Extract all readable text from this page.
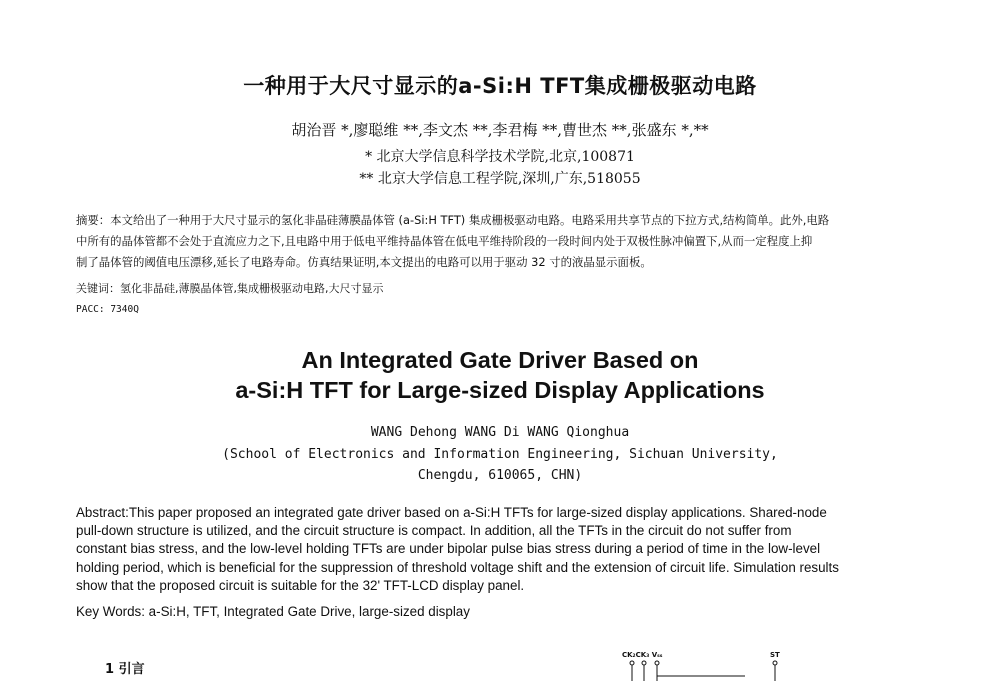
一种用于大尺寸显示的a-Si:H TFT集成栅极驱动电路
胡治晋 *,廖聪维 **,李文杰 **,李君梅 **,曹世杰 **,张盛东 *,**
* 北京大学信息科学技术学院,北京,100871
** 北京大学信息工程学院,深圳,广东,518055
摘要：本文给出了一种用于大尺寸显示的氢化非晶硅薄膜晶体管 (a-Si:H TFT) 集成栅极驱动电路。电路采用共享节点的下拉方式,结构简单。此外,电路
中所有的晶体管都不会处于直流应力之下,且电路中用于低电平维持晶体管在低电平维持阶段的一段时间内处于双极性脉冲偏置下,从而一定程度上抑
制了晶体管的阈值电压漂移,延长了电路寿命。仿真结果证明,本文提出的电路可以用于驱动 32 寸的液晶显示面板。
关键词：氢化非晶硅,薄膜晶体管,集成栅极驱动电路,大尺寸显示
PACC: 7340Q
An Integrated Gate Driver Based on
a-Si:H TFT for Large-sized Display Applications
WANG Dehong WANG Di WANG Qionghua
(School of Electronics and Information Engineering, Sichuan University,
Chengdu, 610065, CHN)
Abstract:This paper proposed an integrated gate driver based on a-Si:H TFTs for large-sized display applications. Shared-node
pull-down structure is utilized, and the circuit structure is compact. In addition, all the TFTs in the circuit do not suffer from
constant bias stress, and the low-level holding TFTs are under bipolar pulse bias stress during a period of time in the low-level
holding period, which is beneficial for the suppression of threshold voltage shift and the extension of circuit life. Simulation results
show that the proposed circuit is suitable for the 32' TFT-LCD display panel.
Key Words: a-Si:H, TFT, Integrated Gate Drive, large-sized display
1 引言
CK₂CK₃ Vₛₛ	ST
